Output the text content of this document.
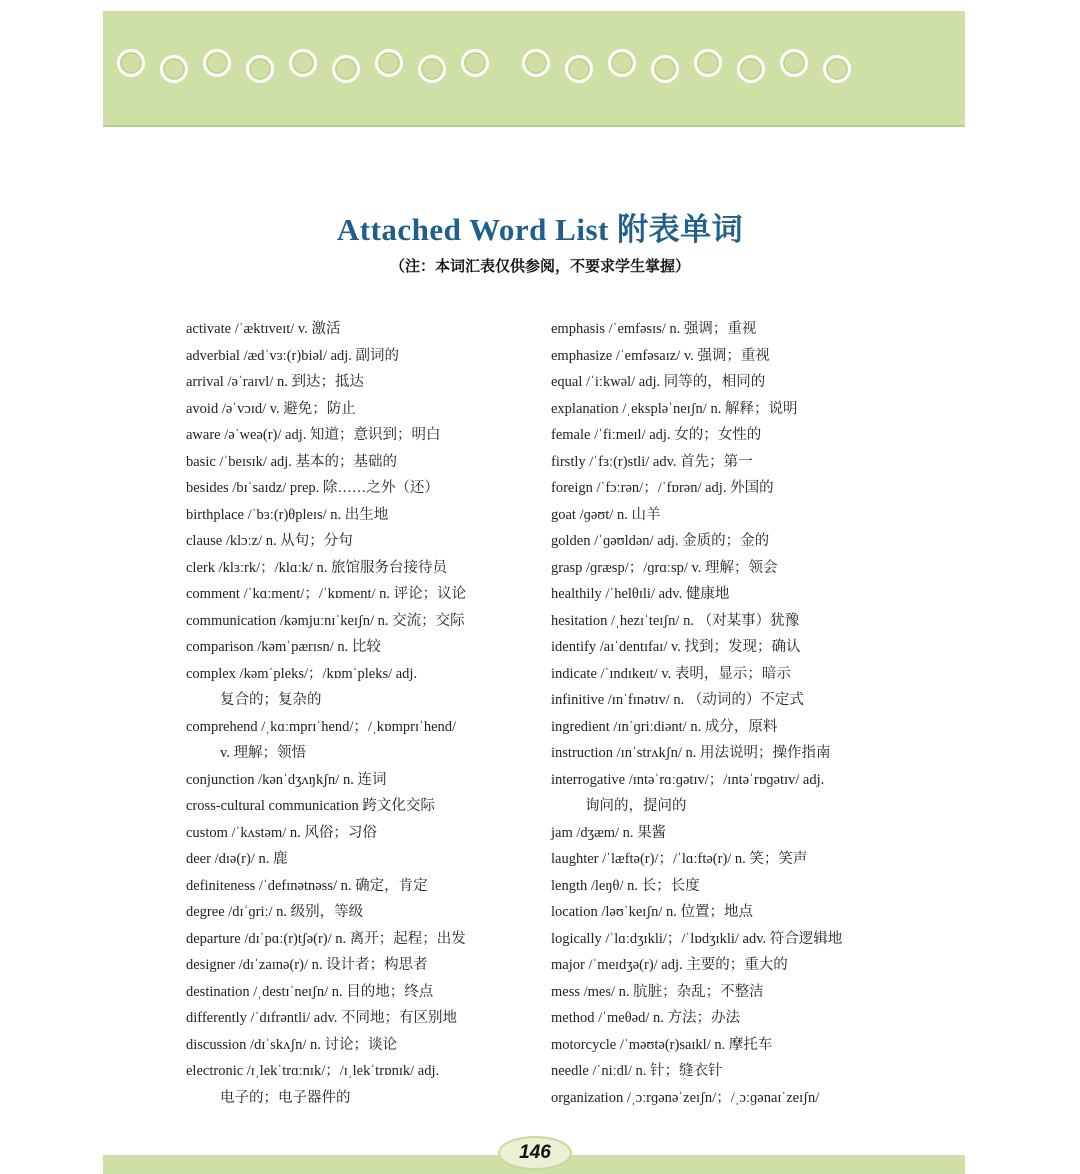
Attached Word List 附表单词
（注：本词汇表仅供参阅，不要求学生掌握）
activate /ˈæktɪveɪt/ v. 激活
adverbial /ædˈvɜː(r)biəl/ adj. 副词的
arrival /əˈraɪvl/ n. 到达；抵达
avoid /əˈvɔɪd/ v. 避免；防止
aware /əˈweə(r)/ adj. 知道；意识到；明白
basic /ˈbeɪsɪk/ adj. 基本的；基础的
besides /bɪˈsaɪdz/ prep. 除……之外（还）
birthplace /ˈbɜː(r)θpleɪs/ n. 出生地
clause /klɔːz/ n. 从句；分句
clerk /klɜːrk/；/klɑːk/ n. 旅馆服务台接待员
comment /ˈkɑːment/；/ˈkɒment/ n. 评论；议论
communication /kəmjuːnɪˈkeɪʃn/ n. 交流；交际
comparison /kəmˈpærɪsn/ n. 比较
complex /kəmˈpleks/；/kɒmˈpleks/ adj.
复合的；复杂的
comprehend /ˌkɑːmprɪˈhend/；/ˌkɒmprɪˈhend/
v. 理解；领悟
conjunction /kənˈdʒʌŋkʃn/ n. 连词
cross-cultural communication 跨文化交际
custom /ˈkʌstəm/ n. 风俗；习俗
deer /dɪə(r)/ n. 鹿
definiteness /ˈdefɪnətnəss/ n. 确定，肯定
degree /dɪˈɡriː/ n. 级别，等级
departure /dɪˈpɑː(r)tʃə(r)/ n. 离开；起程；出发
designer /dɪˈzaɪnə(r)/ n. 设计者；构思者
destination /ˌdestɪˈneɪʃn/ n. 目的地；终点
differently /ˈdɪfrəntli/ adv. 不同地；有区别地
discussion /dɪˈskʌʃn/ n. 讨论；谈论
electronic /ɪˌlekˈtrɑːnɪk/；/ɪˌlekˈtrɒnɪk/ adj.
电子的；电子器件的
emphasis /ˈemfəsɪs/ n. 强调；重视
emphasize /ˈemfəsaɪz/ v. 强调；重视
equal /ˈiːkwəl/ adj. 同等的，相同的
explanation /ˌekspləˈneɪʃn/ n. 解释；说明
female /ˈfiːmeɪl/ adj. 女的；女性的
firstly /ˈfɜː(r)stli/ adv. 首先；第一
foreign /ˈfɔːrən/；/ˈfɒrən/ adj. 外国的
goat /ɡəʊt/ n. 山羊
golden /ˈɡəʊldən/ adj. 金质的；金的
grasp /ɡræsp/；/ɡrɑːsp/ v. 理解；领会
healthily /ˈhelθɪli/ adv. 健康地
hesitation /ˌhezɪˈteɪʃn/ n. （对某事）犹豫
identify /aɪˈdentɪfaɪ/ v. 找到；发现；确认
indicate /ˈɪndɪkeɪt/ v. 表明，显示；暗示
infinitive /ɪnˈfɪnətɪv/ n. （动词的）不定式
ingredient /ɪnˈɡriːdiənt/ n. 成分，原料
instruction /ɪnˈstrʌkʃn/ n. 用法说明；操作指南
interrogative /ɪntəˈrɑːɡətɪv/；/ɪntəˈrɒɡətɪv/ adj.
询问的，提问的
jam /dʒæm/ n. 果酱
laughter /ˈlæftə(r)/；/ˈlɑːftə(r)/ n. 笑；笑声
length /leŋθ/ n. 长；长度
location /ləʊˈkeɪʃn/ n. 位置；地点
logically /ˈlɑːdʒɪkli/；/ˈlɒdʒɪkli/ adv. 符合逻辑地
major /ˈmeɪdʒə(r)/ adj. 主要的；重大的
mess /mes/ n. 肮脏；杂乱；不整洁
method /ˈmeθəd/ n. 方法；办法
motorcycle /ˈməʊtə(r)saɪkl/ n. 摩托车
needle /ˈniːdl/ n. 针；缝衣针
organization /ˌɔːrɡənəˈzeɪʃn/；/ˌɔːɡənaɪˈzeɪʃn/
146
